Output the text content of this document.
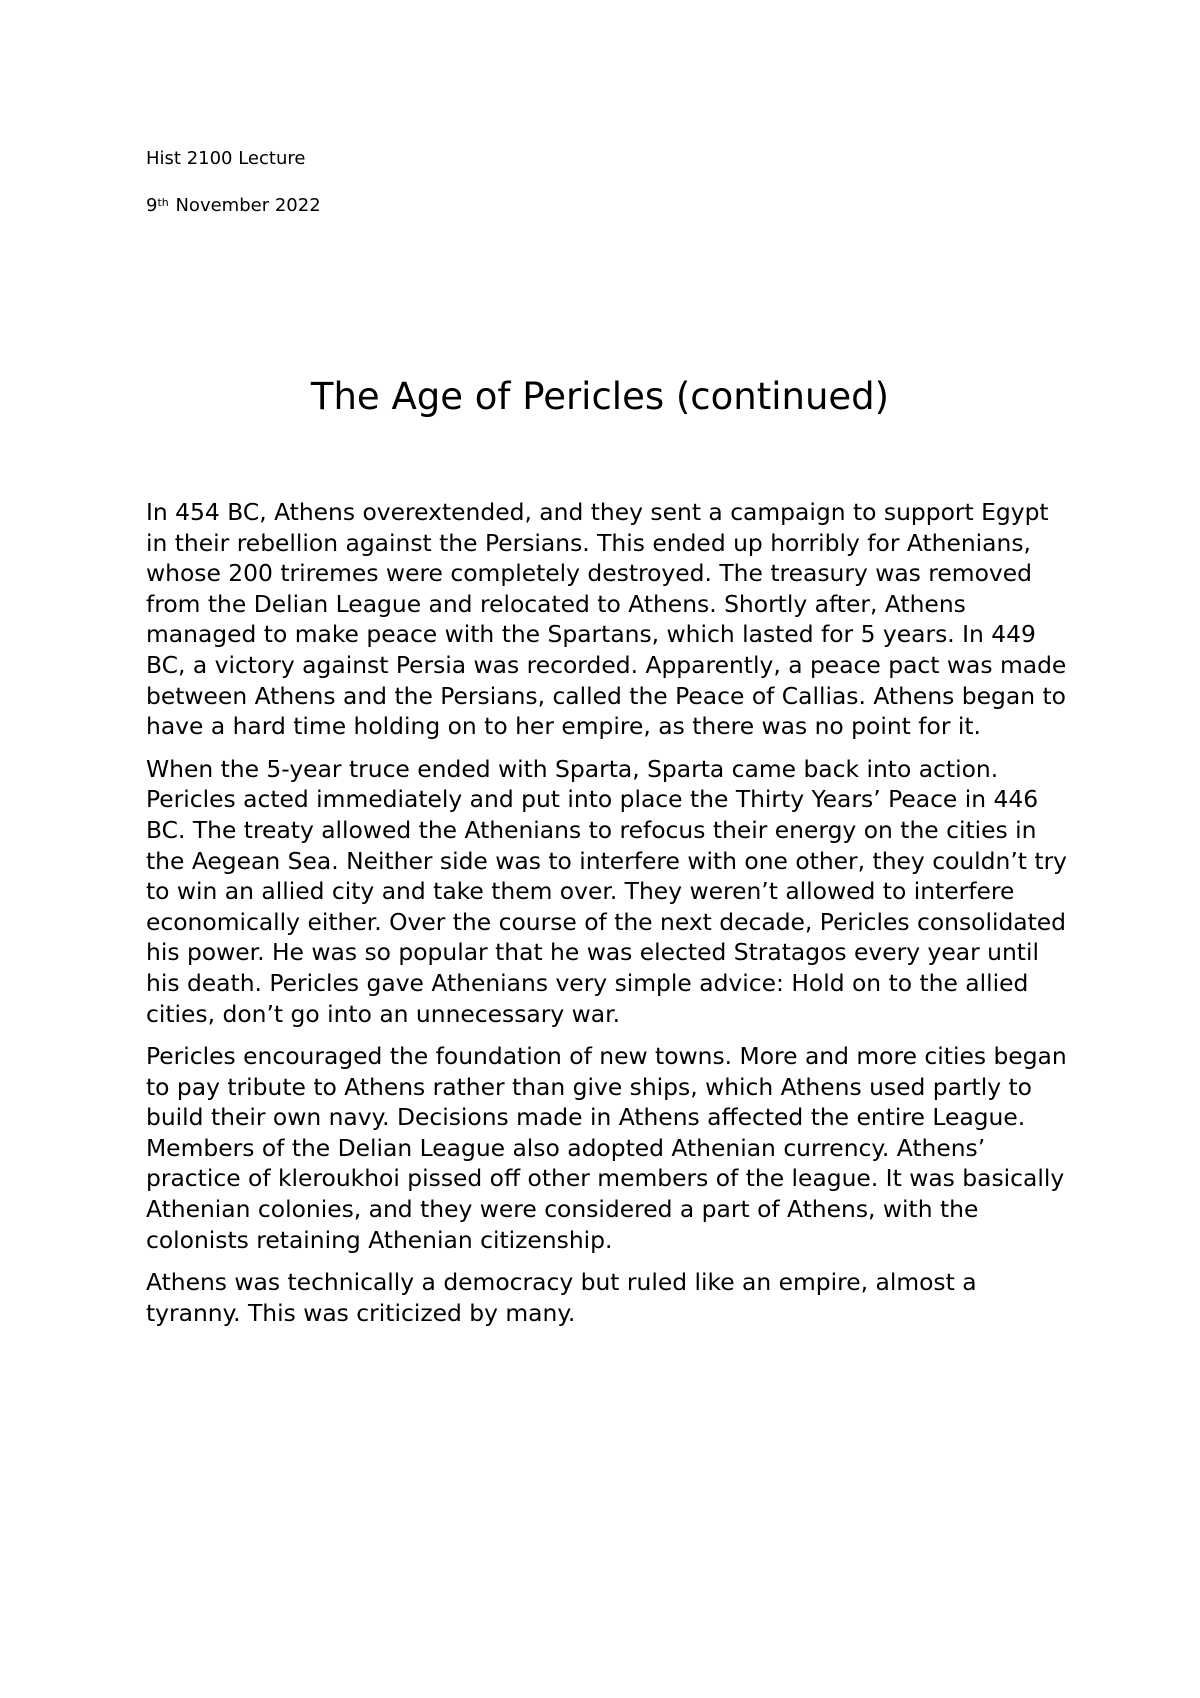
Hist 2100 Lecture
9th November 2022
The Age of Pericles (continued)

In 454 BC, Athens overextended, and they sent a campaign to support Egypt in their rebellion against the Persians. This ended up horribly for Athenians, whose 200 triremes were completely destroyed. The treasury was removed from the Delian League and relocated to Athens. Shortly after, Athens managed to make peace with the Spartans, which lasted for 5 years. In 449 BC, a victory against Persia was recorded. Apparently, a peace pact was made between Athens and the Persians, called the Peace of Callias. Athens began to have a hard time holding on to her empire, as there was no point for it.

When the 5-year truce ended with Sparta, Sparta came back into action. Pericles acted immediately and put into place the Thirty Years’ Peace in 446 BC. The treaty allowed the Athenians to refocus their energy on the cities in the Aegean Sea. Neither side was to interfere with one other, they couldn’t try to win an allied city and take them over. They weren’t allowed to interfere economically either. Over the course of the next decade, Pericles consolidated his power. He was so popular that he was elected Stratagos every year until his death. Pericles gave Athenians very simple advice: Hold on to the allied cities, don’t go into an unnecessary war.

Pericles encouraged the foundation of new towns. More and more cities began to pay tribute to Athens rather than give ships, which Athens used partly to build their own navy. Decisions made in Athens affected the entire League. Members of the Delian League also adopted Athenian currency. Athens’ practice of kleroukhoi pissed off other members of the league. It was basically Athenian colonies, and they were considered a part of Athens, with the colonists retaining Athenian citizenship.

Athens was technically a democracy but ruled like an empire, almost a tyranny. This was criticized by many.
